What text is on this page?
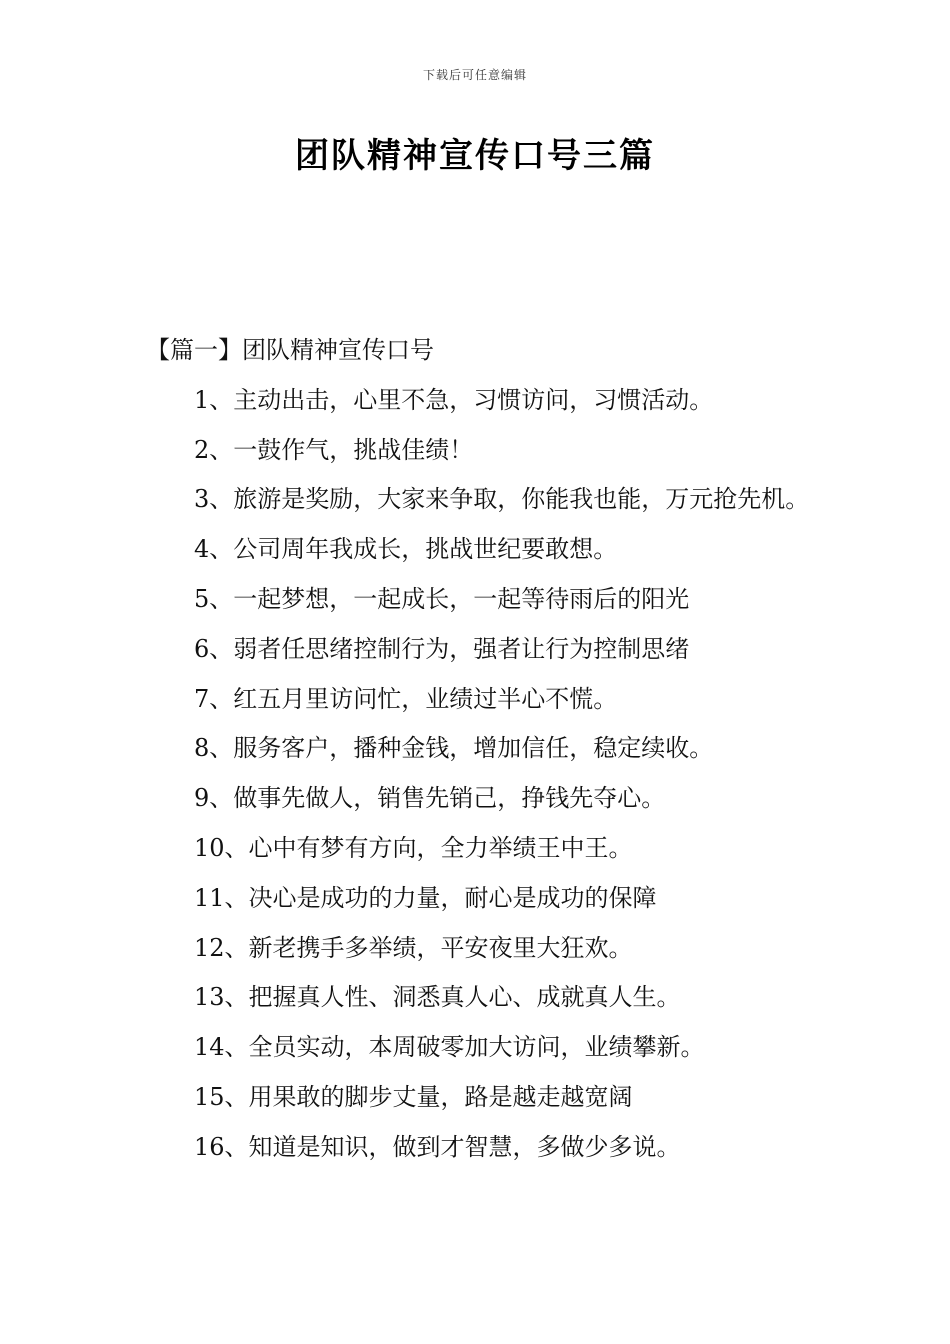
下载后可任意编辑
团队精神宣传口号三篇

【篇一】团队精神宣传口号

1、主动出击，心里不急，习惯访问，习惯活动。

2、一鼓作气，挑战佳绩！

3、旅游是奖励，大家来争取，你能我也能，万元抢先机。

4、公司周年我成长，挑战世纪要敢想。

5、一起梦想，一起成长，一起等待雨后的阳光

6、弱者任思绪控制行为，强者让行为控制思绪

7、红五月里访问忙，业绩过半心不慌。

8、服务客户，播种金钱，增加信任，稳定续收。

9、做事先做人，销售先销己，挣钱先夺心。

10、心中有梦有方向，全力举绩王中王。

11、决心是成功的力量，耐心是成功的保障

12、新老携手多举绩，平安夜里大狂欢。

13、把握真人性、洞悉真人心、成就真人生。

14、全员实动，本周破零加大访问，业绩攀新。

15、用果敢的脚步丈量，路是越走越宽阔

16、知道是知识，做到才智慧，多做少多说。
